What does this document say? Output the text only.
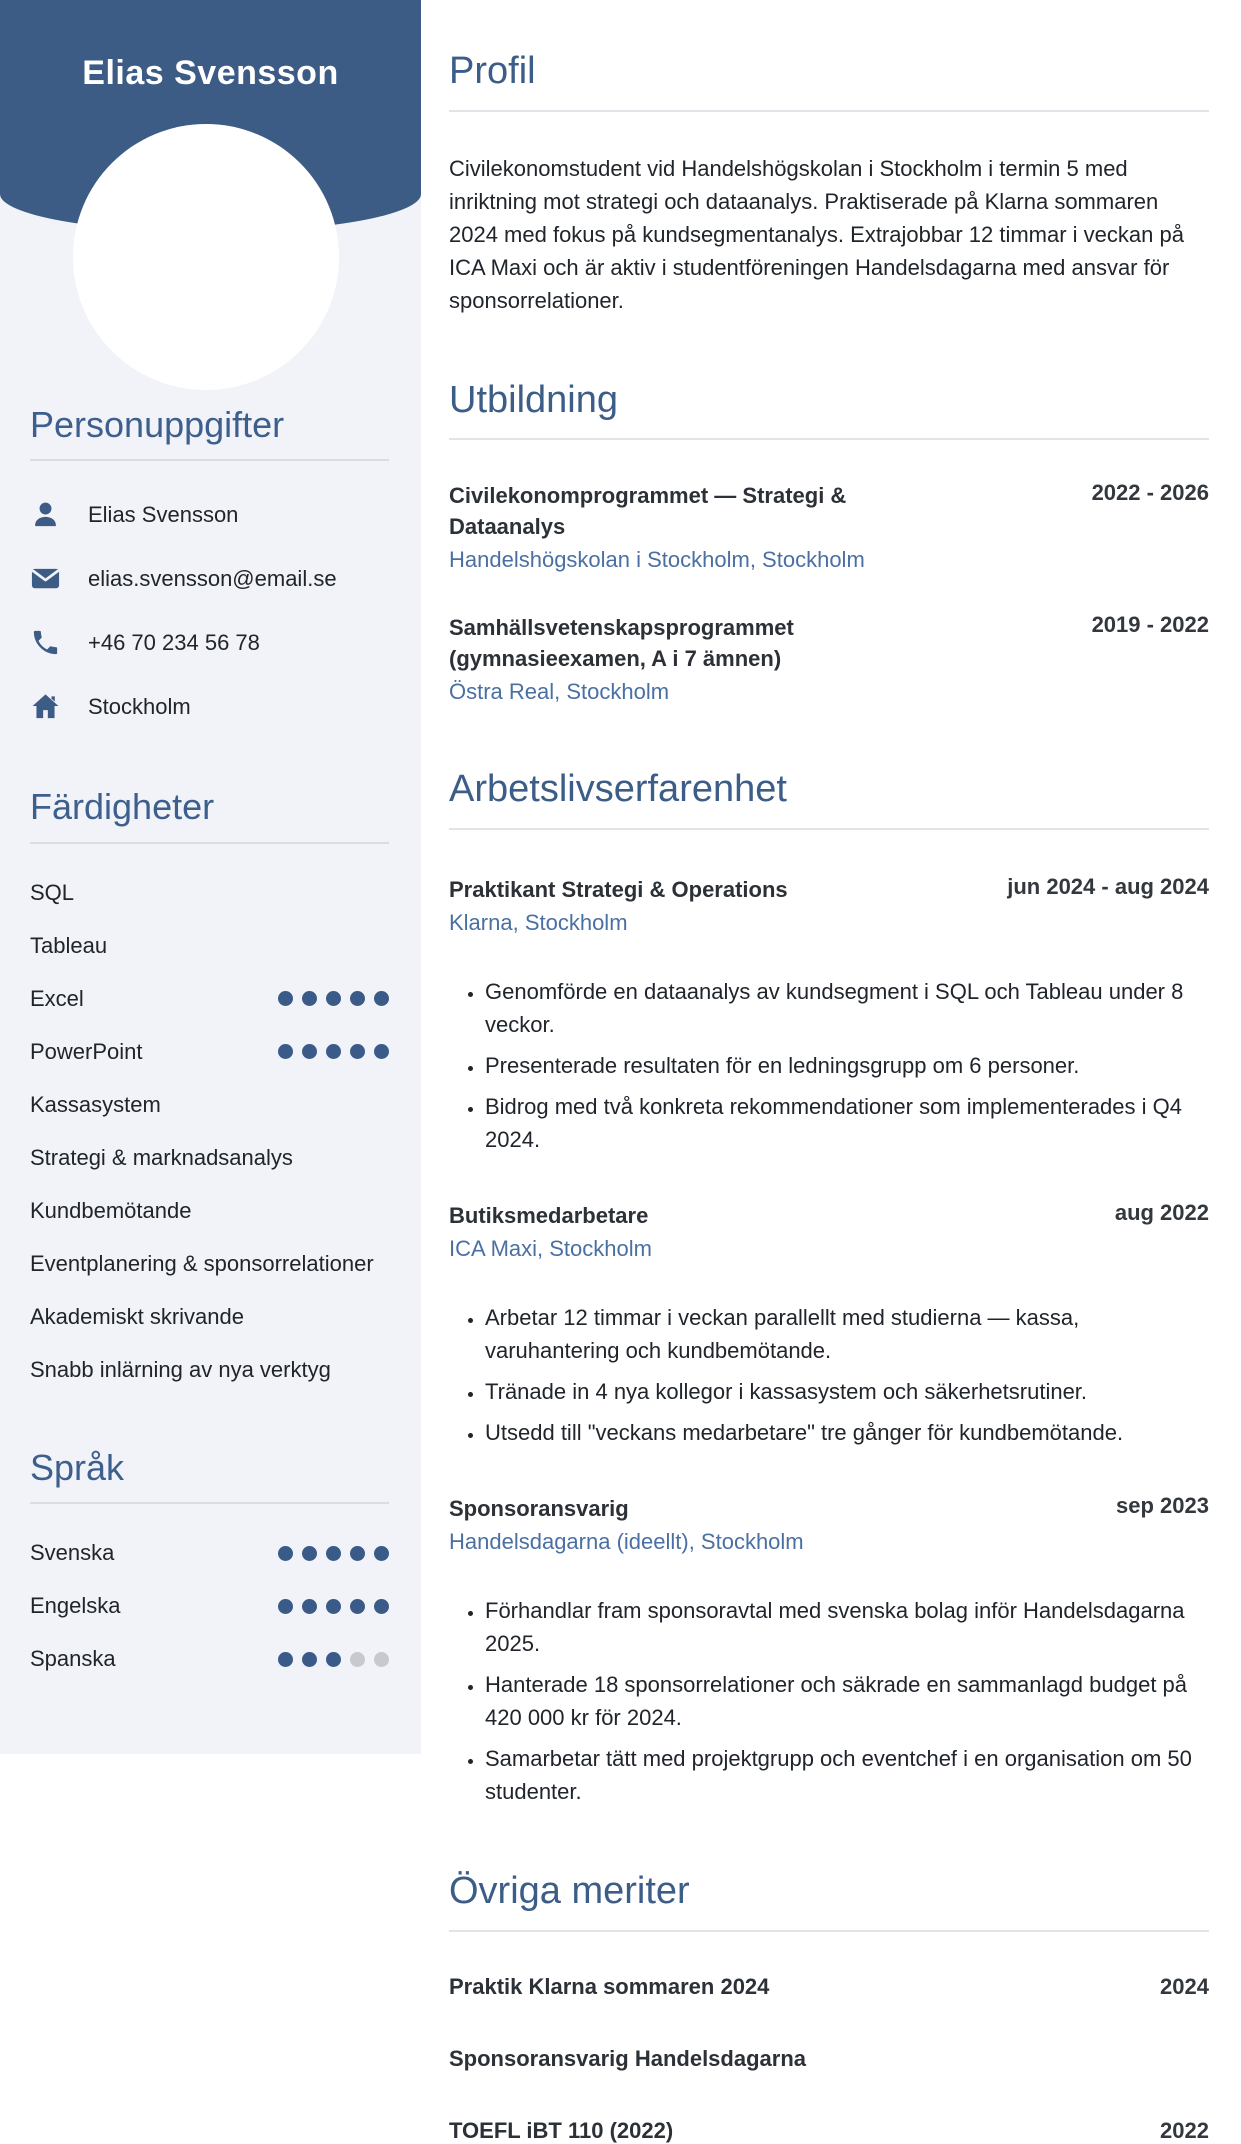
Elias Svensson
Personuppgifter
Elias Svensson
elias.svensson@email.se
+46 70 234 56 78
Stockholm
Färdigheter
SQL
Tableau
Excel
PowerPoint
Kassasystem
Strategi & marknadsanalys
Kundbemötande
Eventplanering & sponsorrelationer
Akademiskt skrivande
Snabb inlärning av nya verktyg
Språk
Svenska
Engelska
Spanska
Profil

Civilekonomstudent vid Handelshögskolan i Stockholm i termin 5 med inriktning mot strategi och dataanalys. Praktiserade på Klarna sommaren 2024 med fokus på kundsegmentanalys. Extrajobbar 12 timmar i veckan på ICA Maxi och är aktiv i studentföreningen Handelsdagarna med ansvar för sponsorrelationer.

Utbildning
Civilekonomprogrammet — Strategi & Dataanalys
Handelshögskolan i Stockholm, Stockholm
2022 - 2026
Samhällsvetenskapsprogrammet (gymnasieexamen, A i 7 ämnen)
Östra Real, Stockholm
2019 - 2022
Arbetslivserfarenhet
Praktikant Strategi & Operations
Klarna, Stockholm
jun 2024 - aug 2024
• Genomförde en dataanalys av kundsegment i SQL och Tableau under 8 veckor.
• Presenterade resultaten för en ledningsgrupp om 6 personer.
• Bidrog med två konkreta rekommendationer som implementerades i Q4 2024.
Butiksmedarbetare
ICA Maxi, Stockholm
aug 2022
• Arbetar 12 timmar i veckan parallellt med studierna — kassa, varuhantering och kundbemötande.
• Tränade in 4 nya kollegor i kassasystem och säkerhetsrutiner.
• Utsedd till "veckans medarbetare" tre gånger för kundbemötande.
Sponsoransvarig
Handelsdagarna (ideellt), Stockholm
sep 2023
• Förhandlar fram sponsoravtal med svenska bolag inför Handelsdagarna 2025.
• Hanterade 18 sponsorrelationer och säkrade en sammanlagd budget på 420 000 kr för 2024.
• Samarbetar tätt med projektgrupp och eventchef i en organisation om 50 studenter.
Övriga meriter
Praktik Klarna sommaren 2024	2024
Sponsoransvarig Handelsdagarna
TOEFL iBT 110 (2022)	2022
